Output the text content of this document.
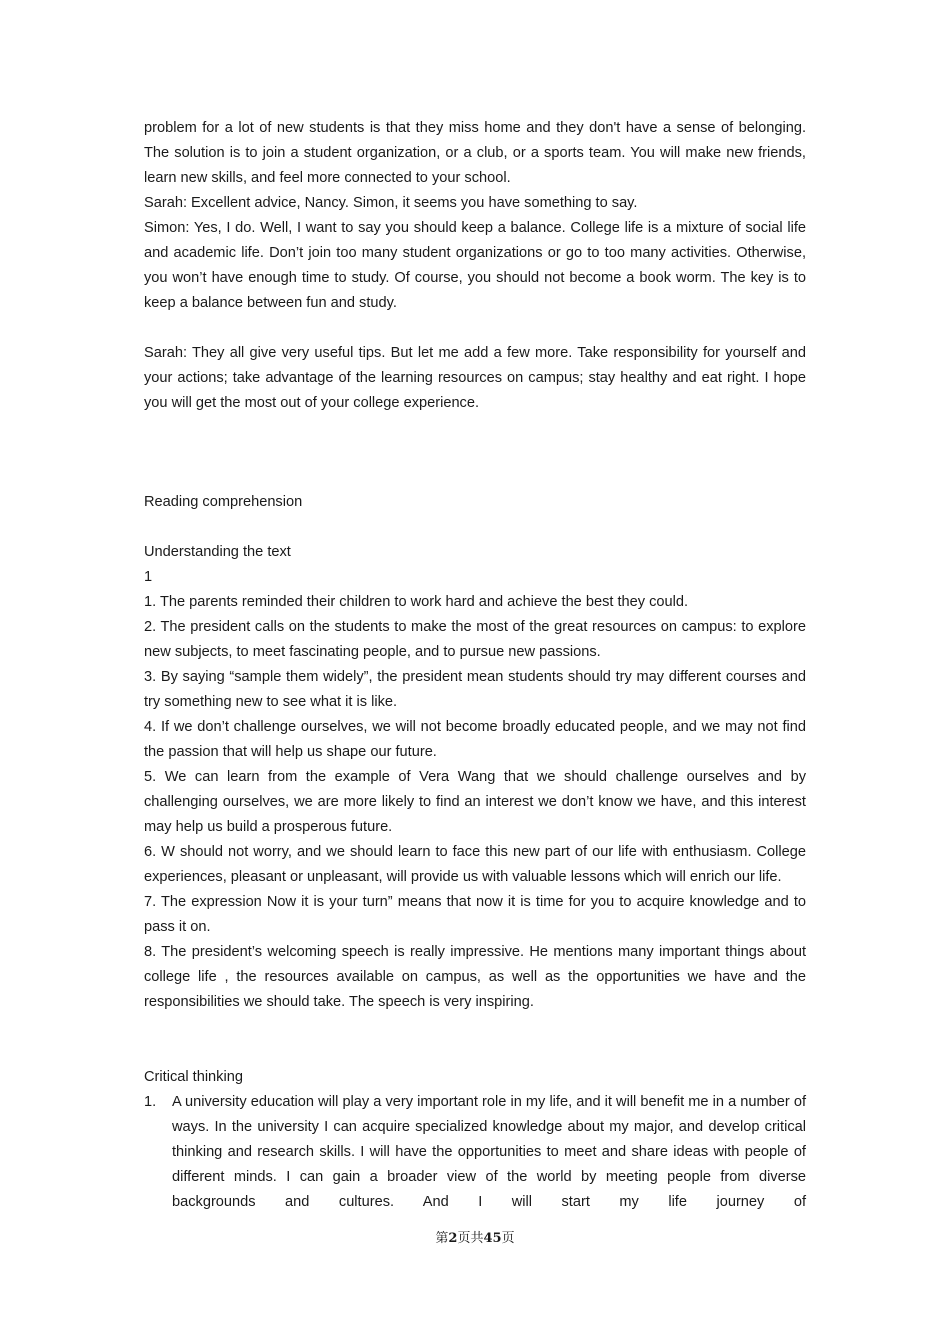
problem for a lot of new students is that they miss home and they don't have a sense of belonging. The solution is to join a student organization, or a club, or a sports team. You will make new friends, learn new skills, and feel more connected to your school.

Sarah: Excellent advice, Nancy. Simon, it seems you have something to say.

Simon: Yes, I do. Well, I want to say you should keep a balance. College life is a mixture of social life and academic life. Don’t join too many student organizations or go to too many activities. Otherwise, you won’t have enough time to study. Of course, you should not become a book worm. The key is to keep a balance between fun and study.

Sarah: They all give very useful tips. But let me add a few more. Take responsibility for yourself and your actions; take advantage of the learning resources on campus; stay healthy and eat right. I hope you will get the most out of your college experience.

Reading comprehension

Understanding the text

1

1. The parents reminded their children to work hard and achieve the best they could.

2. The president calls on the students to make the most of the great resources on campus: to explore new subjects, to meet fascinating people, and to pursue new passions.

3. By saying “sample them widely”, the president mean students should try may different courses and try something new to see what it is like.

4. If we don’t challenge ourselves, we will not become broadly educated people, and we may not find the passion that will help us shape our future.

5. We can learn from the example of Vera Wang that we should challenge ourselves and by challenging ourselves, we are more likely to find an interest we don’t know we have, and this interest may help us build a prosperous future.

6. W should not worry, and we should learn to face this new part of our life with enthusiasm. College experiences, pleasant or unpleasant, will provide us with valuable lessons which will enrich our life.

7. The expression Now it is your turn” means that now it is time for you to acquire knowledge and to pass it on.

8. The president’s welcoming speech is really impressive. He mentions many important things about college life , the resources available on campus, as well as the opportunities we have and the responsibilities we should take. The speech is very inspiring.

Critical thinking

1.	A university education will play a very important role in my life, and it will benefit me in a number of ways. In the university I can acquire specialized knowledge about my major, and develop critical thinking and research skills. I will have the opportunities to meet and share ideas with people of different minds. I can gain a broader view of the world by meeting people from diverse backgrounds and cultures. And I will start my life journey of
第2页共45页
